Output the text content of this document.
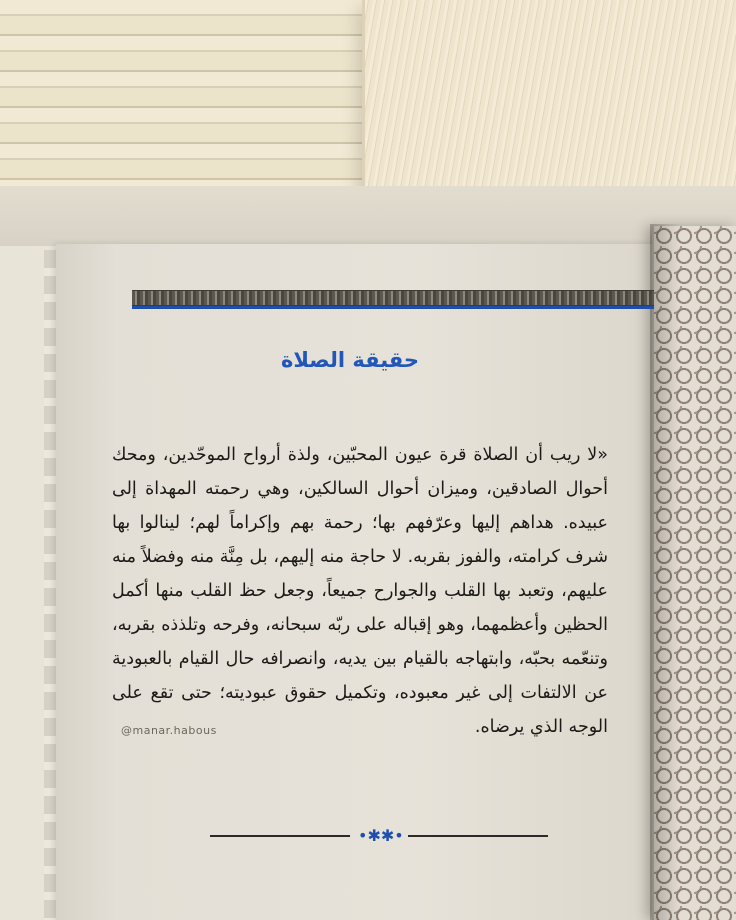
حقيقة الصلاة
«لا ريب أن الصلاة قرة عيون المحبّين، ولذة أرواح الموحّدين، ومحك أحوال الصادقين، وميزان أحوال السالكين، وهي رحمته المهداة إلى عبيده. هداهم إليها وعرّفهم بها؛ رحمة بهم وإكراماً لهم؛ لينالوا بها شرف كرامته، والفوز بقربه. لا حاجة منه إليهم، بل مِنَّة منه وفضلاً منه عليهم، وتعبد بها القلب والجوارح جميعاً، وجعل حظ القلب منها أكمل الحظين وأعظمهما، وهو إقباله على ربّه سبحانه، وفرحه وتلذذه بقربه، وتنعّمه بحبّه، وابتهاجه بالقيام بين يديه، وانصرافه حال القيام بالعبودية عن الالتفات إلى غير معبوده، وتكميل حقوق عبوديته؛ حتى تقع على الوجه الذي يرضاه.
@manar.habous
•✱✱•
